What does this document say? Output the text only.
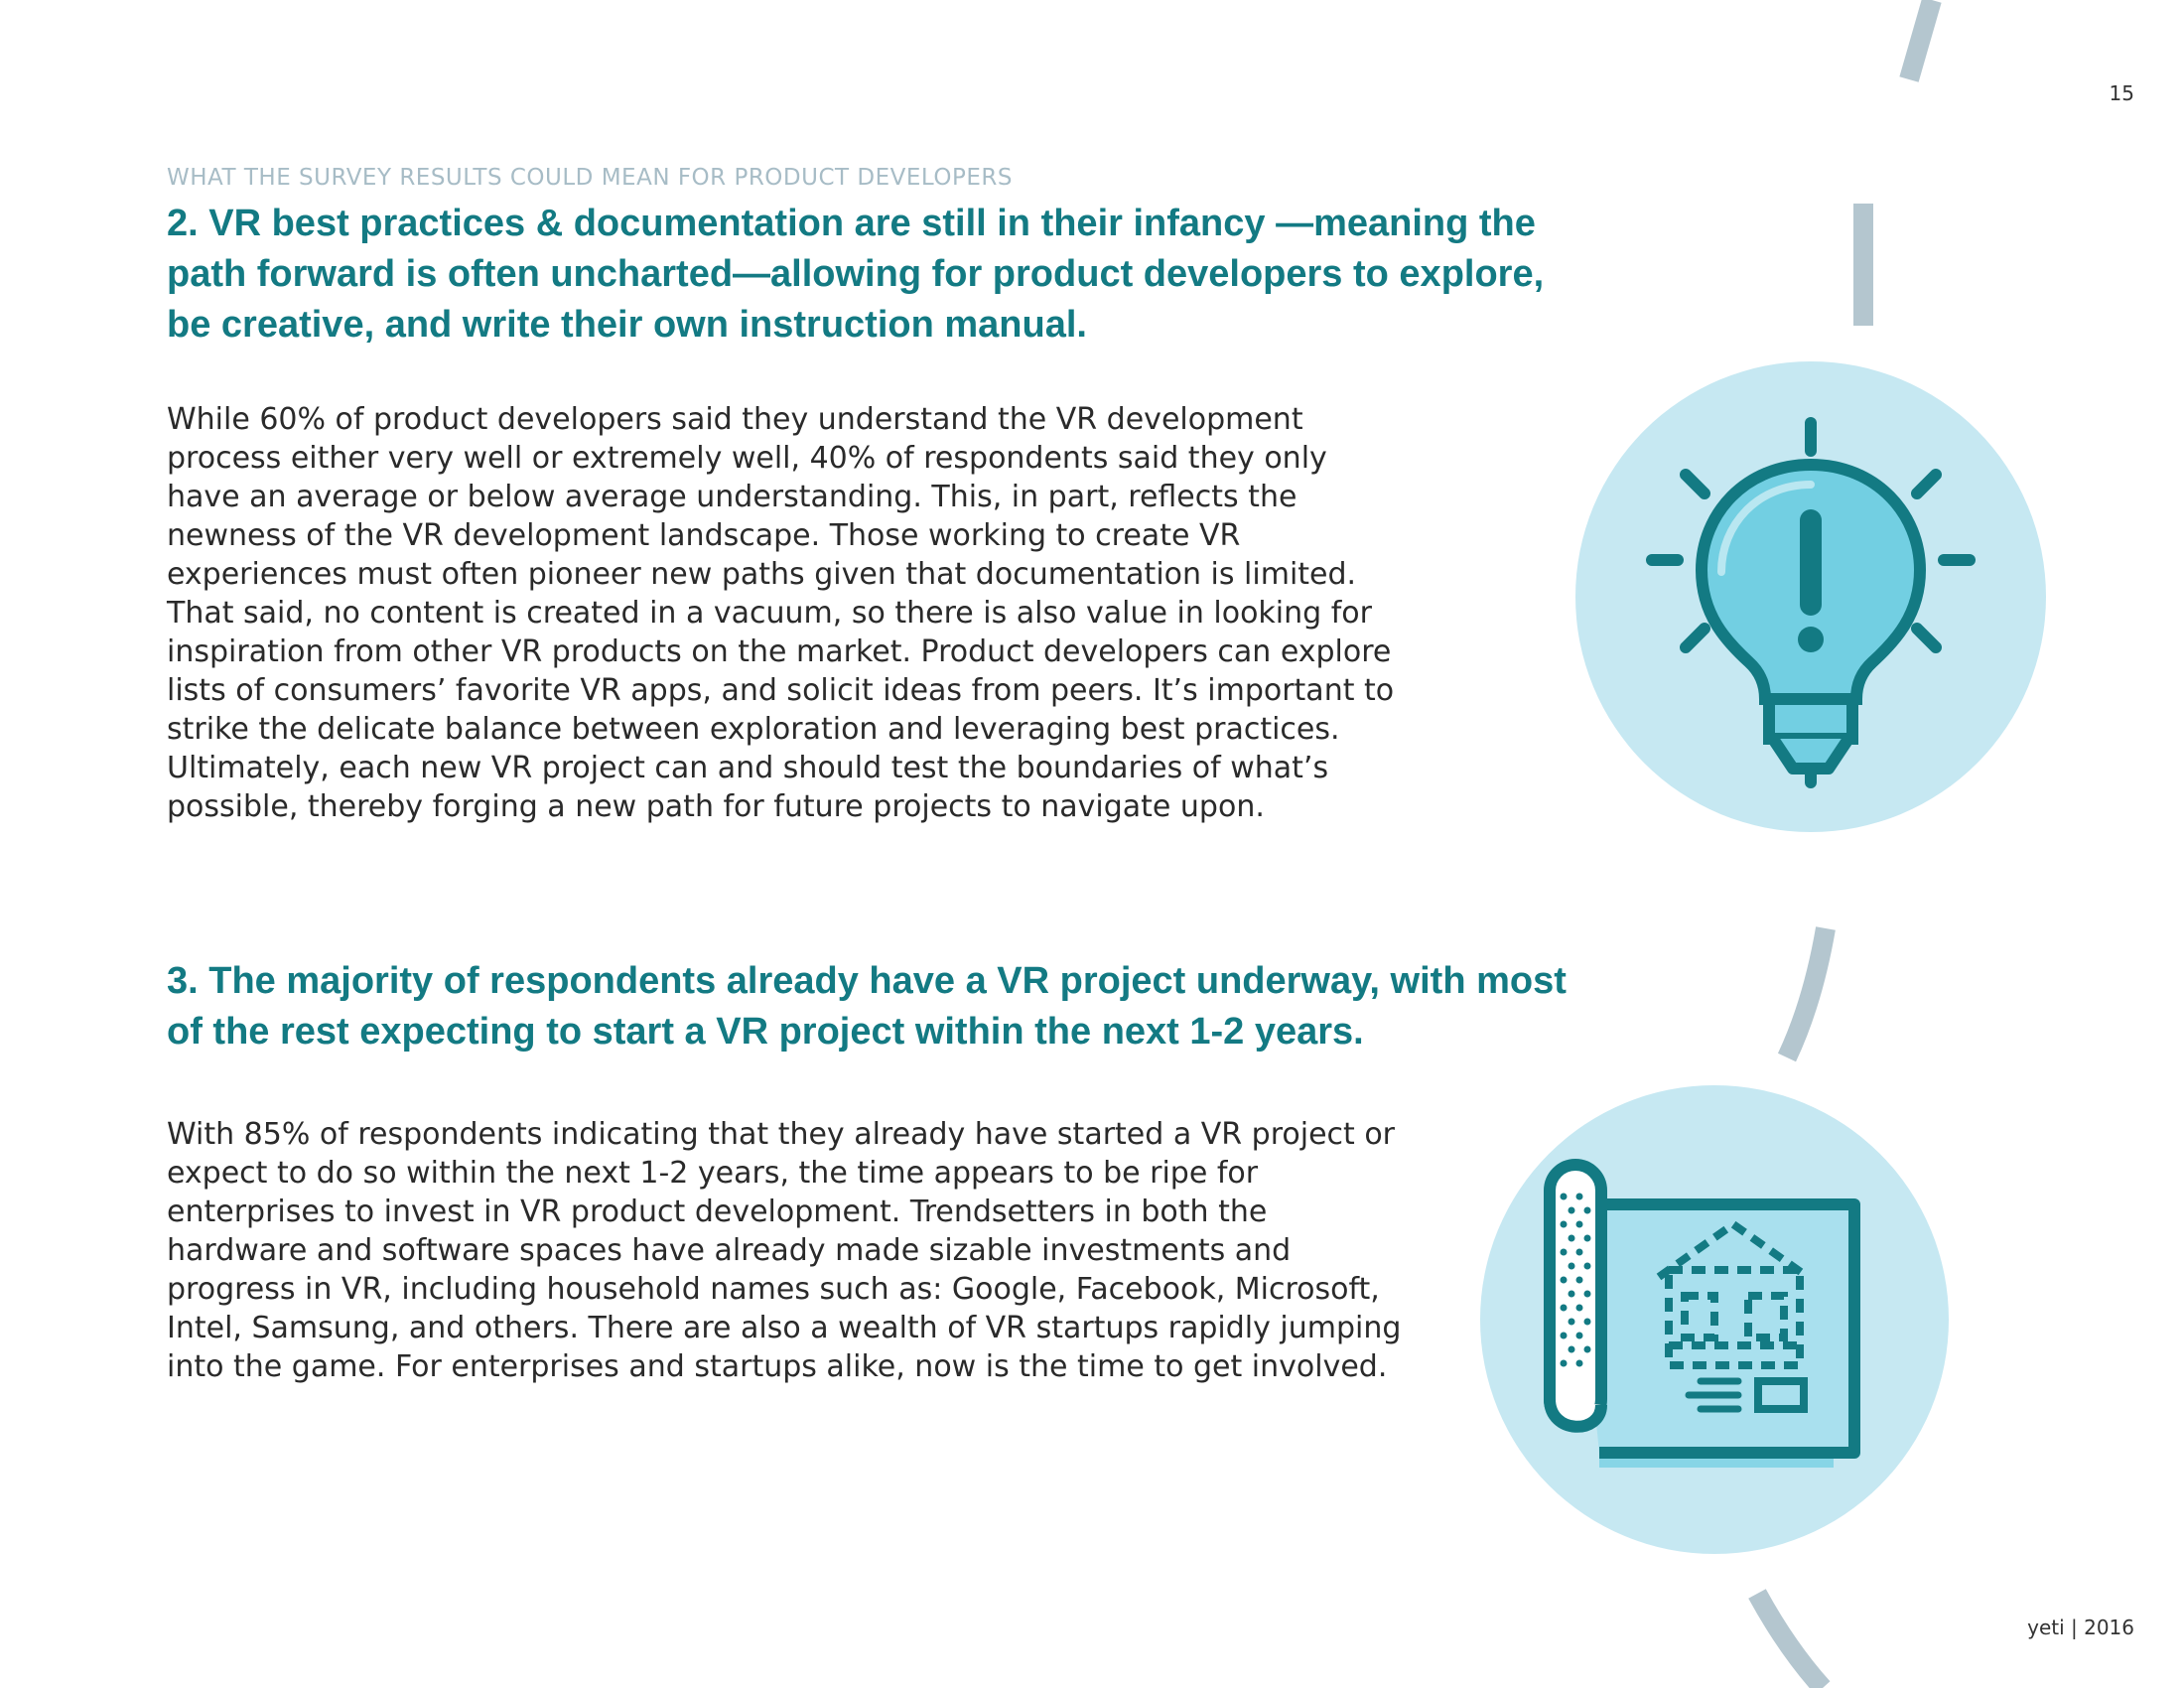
15
WHAT THE SURVEY RESULTS COULD MEAN FOR PRODUCT DEVELOPERS
2. VR best practices & documentation are still in their infancy —meaning the path forward is often uncharted—allowing for product developers to explore, be creative, and write their own instruction manual.

While 60% of product developers said they understand the VR development process either very well or extremely well, 40% of respondents said they only have an average or below average understanding. This, in part, reflects the newness of the VR development landscape. Those working to create VR experiences must often pioneer new paths given that documentation is limited. That said, no content is created in a vacuum, so there is also value in looking for inspiration from other VR products on the market. Product developers can explore lists of consumers’ favorite VR apps, and solicit ideas from peers. It’s important to strike the delicate balance between exploration and leveraging best practices. Ultimately, each new VR project can and should test the boundaries of what’s possible, thereby forging a new path for future projects to navigate upon.

3. The majority of respondents already have a VR project underway, with most of the rest expecting to start a VR project within the next 1-2 years.

With 85% of respondents indicating that they already have started a VR project or expect to do so within the next 1-2 years, the time appears to be ripe for enterprises to invest in VR product development. Trendsetters in both the hardware and software spaces have already made sizable investments and progress in VR, including household names such as: Google, Facebook, Microsoft, Intel, Samsung, and others. There are also a wealth of VR startups rapidly jumping into the game. For enterprises and startups alike, now is the time to get involved.

yeti | 2016
